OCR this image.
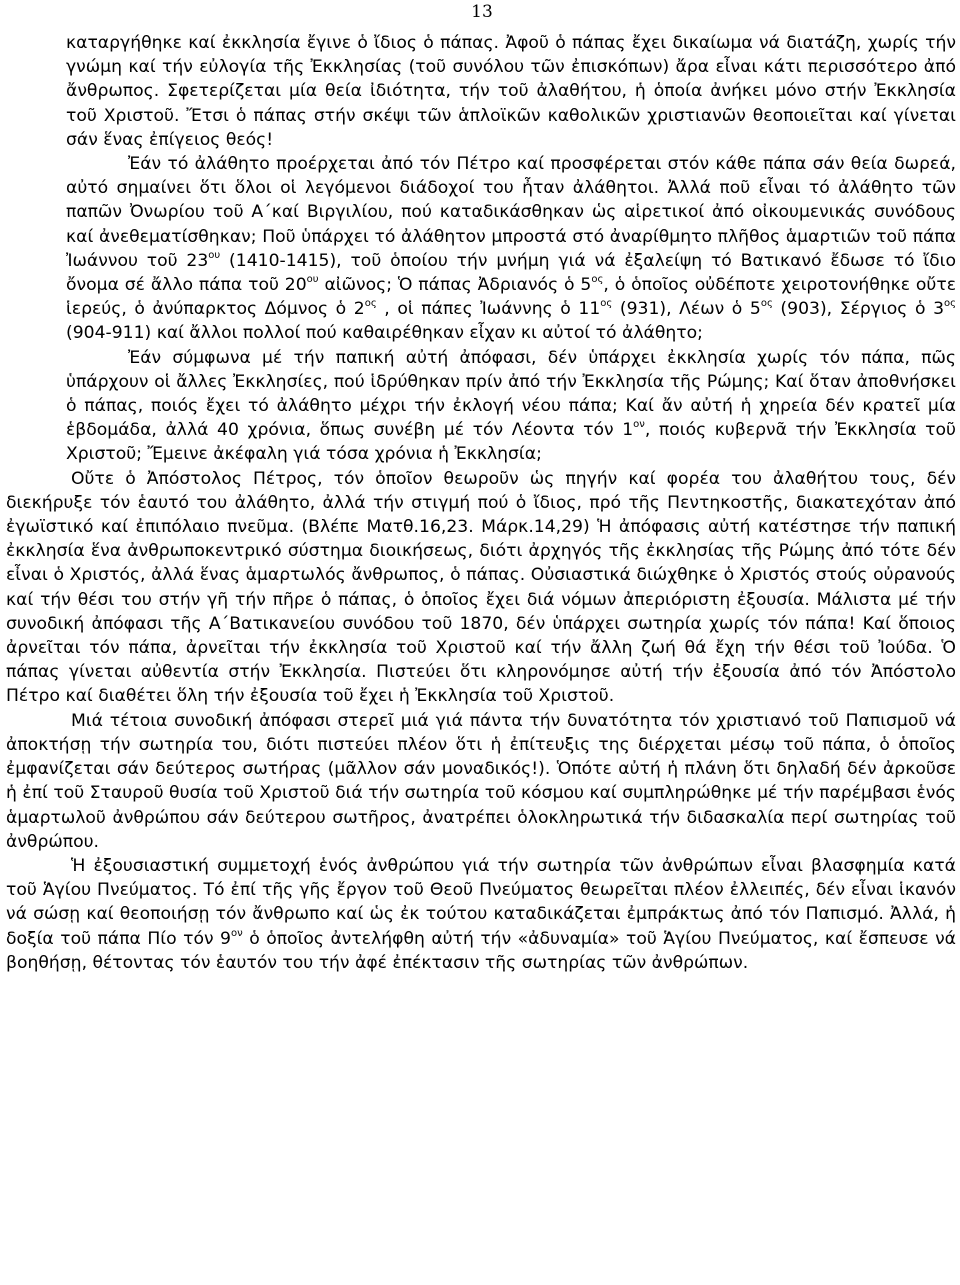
13

καταργήθηκε καί ἐκκλησία ἔγινε ὁ ἴδιος ὁ πάπας. Ἀφοῦ ὁ πάπας ἔχει δικαίωμα νά διατάζη, χωρίς τήν γνώμη καί τήν εὐλογία τῆς Ἐκκλησίας (τοῦ συνόλου τῶν ἐπισκόπων) ἄρα εἶναι κάτι περισσότερο ἀπό ἄνθρωπος. Σφετερίζεται μία θεία ἰδιότητα, τήν τοῦ ἀλαθήτου, ἡ ὁποία ἀνήκει μόνο στήν Ἐκκλησία τοῦ Χριστοῦ. Ἔτσι ὁ πάπας στήν σκέψι τῶν ἁπλοϊκῶν καθολικῶν χριστιανῶν θεοποιεῖται καί γίνεται σάν ἕνας ἐπίγειος θεός!

Ἐάν τό ἀλάθητο προέρχεται ἀπό τόν Πέτρο καί προσφέρεται στόν κάθε πάπα σάν θεία δωρεά, αὐτό σημαίνει ὅτι ὅλοι οἱ λεγόμενοι διάδοχοί του ἦταν ἀλάθητοι. Ἀλλά ποῦ εἶναι τό ἀλάθητο τῶν παπῶν Ὀνωρίου τοῦ Α΄καί Βιργιλίου, πού καταδικάσθηκαν ὡς αἱρετικοί ἀπό οἰκουμενικάς συνόδους καί ἀνεθεματίσθηκαν; Ποῦ ὑπάρχει τό ἀλάθητον μπροστά στό ἀναρίθμητο πλῆθος ἁμαρτιῶν τοῦ πάπα Ἰωάννου τοῦ $23^{o\upsilon}$ (1410-1415), τοῦ ὁποίου τήν μνήμη γιά νά ἐξαλείψη τό Βατικανό ἔδωσε τό ἴδιο ὄνομα σέ ἄλλο πάπα τοῦ $20^{o\upsilon}$ αἰῶνος; Ὁ πάπας Ἀδριανός ὁ $5^{o\varsigma}$, ὁ ὁποῖος οὐδέποτε χειροτονήθηκε οὔτε ἱερεύς, ὁ ἀνύπαρκτος Δόμνος ὁ $2^{o\varsigma}$ , οἱ πάπες Ἰωάννης ὁ $11^{o\varsigma}$ (931), Λέων ὁ $5^{o\varsigma}$ (903), Σέργιος ὁ $3^{o\varsigma}$ (904-911) καί ἄλλοι πολλοί πού καθαιρέθηκαν εἶχαν κι αὐτοί τό ἀλάθητο;

Ἐάν σύμφωνα μέ τήν παπική αὐτή ἀπόφασι, δέν ὑπάρχει ἐκκλησία χωρίς τόν πάπα, πῶς ὑπάρχουν οἱ ἄλλες Ἐκκλησίες, πού ἱδρύθηκαν πρίν ἀπό τήν Ἐκκλησία τῆς Ρώμης; Καί ὅταν ἀποθνήσκει ὁ πάπας, ποιός ἔχει τό ἀλάθητο μέχρι τήν ἐκλογή νέου πάπα; Καί ἄν αὐτή ἡ χηρεία δέν κρατεῖ μία ἑβδομάδα, ἀλλά 40 χρόνια, ὅπως συνέβη μέ τόν Λέοντα τόν $1^{o\nu}$, ποιός κυβερνᾶ τήν Ἐκκλησία τοῦ Χριστοῦ; Ἔμεινε ἀκέφαλη γιά τόσα χρόνια ἡ Ἐκκλησία;

Οὔτε ὁ Ἀπόστολος Πέτρος, τόν ὁποῖον θεωροῦν ὡς πηγήν καί φορέα του ἀλαθήτου τους, δέν διεκήρυξε τόν ἑαυτό του ἀλάθητο, ἀλλά τήν στιγμή πού ὁ ἴδιος, πρό τῆς Πεντηκοστῆς, διακατεχόταν ἀπό ἐγωϊστικό καί ἐπιπόλαιο πνεῦμα. (Βλέπε Ματθ.16,23. Μάρκ.14,29) Ἡ ἀπόφασις αὐτή κατέστησε τήν παπική ἐκκλησία ἕνα ἀνθρωποκεντρικό σύστημα διοικήσεως, διότι ἀρχηγός τῆς ἐκκλησίας τῆς Ρώμης ἀπό τότε δέν εἶναι ὁ Χριστός, ἀλλά ἕνας ἁμαρτωλός ἄνθρωπος, ὁ πάπας. Οὐσιαστικά διώχθηκε ὁ Χριστός στούς οὐρανούς καί τήν θέσι του στήν γῆ τήν πῆρε ὁ πάπας, ὁ ὁποῖος ἔχει διά νόμων ἀπεριόριστη ἐξουσία. Μάλιστα μέ τήν συνοδική ἀπόφασι τῆς Α΄Βατικανείου συνόδου τοῦ 1870, δέν ὑπάρχει σωτηρία χωρίς τόν πάπα! Καί ὅποιος ἀρνεῖται τόν πάπα, ἀρνεῖται τήν ἐκκλησία τοῦ Χριστοῦ καί τήν ἄλλη ζωή θά ἔχη τήν θέσι τοῦ Ἰούδα. Ὁ πάπας γίνεται αὐθεντία στήν Ἐκκλησία. Πιστεύει ὅτι κληρονόμησε αὐτή τήν ἐξουσία ἀπό τόν Ἀπόστολο Πέτρο καί διαθέτει ὅλη τήν ἐξουσία τοῦ ἔχει ἡ Ἐκκλησία τοῦ Χριστοῦ.

Μιά τέτοια συνοδική ἀπόφασι στερεῖ μιά γιά πάντα τήν δυνατότητα τόν χριστιανό τοῦ Παπισμοῦ νά ἀποκτήσῃ τήν σωτηρία του, διότι πιστεύει πλέον ὅτι ἡ ἐπίτευξις της διέρχεται μέσῳ τοῦ πάπα, ὁ ὁποῖος ἐμφανίζεται σάν δεύτερος σωτήρας (μᾶλλον σάν μοναδικός!). Ὁπότε αὐτή ἡ πλάνη ὅτι δηλαδή δέν ἀρκοῦσε ἡ ἐπί τοῦ Σταυροῦ θυσία τοῦ Χριστοῦ διά τήν σωτηρία τοῦ κόσμου καί συμπληρώθηκε μέ τήν παρέμβασι ἑνός ἁμαρτωλοῦ ἀνθρώπου σάν δεύτερου σωτῆρος, ἀνατρέπει ὁλοκληρωτικά τήν διδασκαλία περί σωτηρίας τοῦ ἀνθρώπου.

Ἡ ἐξουσιαστική συμμετοχή ἑνός ἀνθρώπου γιά τήν σωτηρία τῶν ἀνθρώπων εἶναι βλασφημία κατά τοῦ Ἁγίου Πνεύματος. Τό ἐπί τῆς γῆς ἔργον τοῦ Θεοῦ Πνεύματος θεωρεῖται πλέον ἐλλειπές, δέν εἶναι ἱκανόν νά σώσῃ καί θεοποιήσῃ τόν ἄνθρωπο καί ὡς ἐκ τούτου καταδικάζεται ἐμπράκτως ἀπό τόν Παπισμό. Ἀλλά, ἡ δοξία τοῦ πάπα Πίο τόν $9^{o\nu}$ ὁ ὁποῖος ἀντελήφθη αὐτή τήν «ἀδυναμία» τοῦ Ἁγίου Πνεύματος, καί ἔσπευσε νά βοηθήσῃ, θέτοντας τόν ἑαυτόν του τήν ἀφέ ἐπέκτασιν τῆς σωτηρίας τῶν ἀνθρώπων.
